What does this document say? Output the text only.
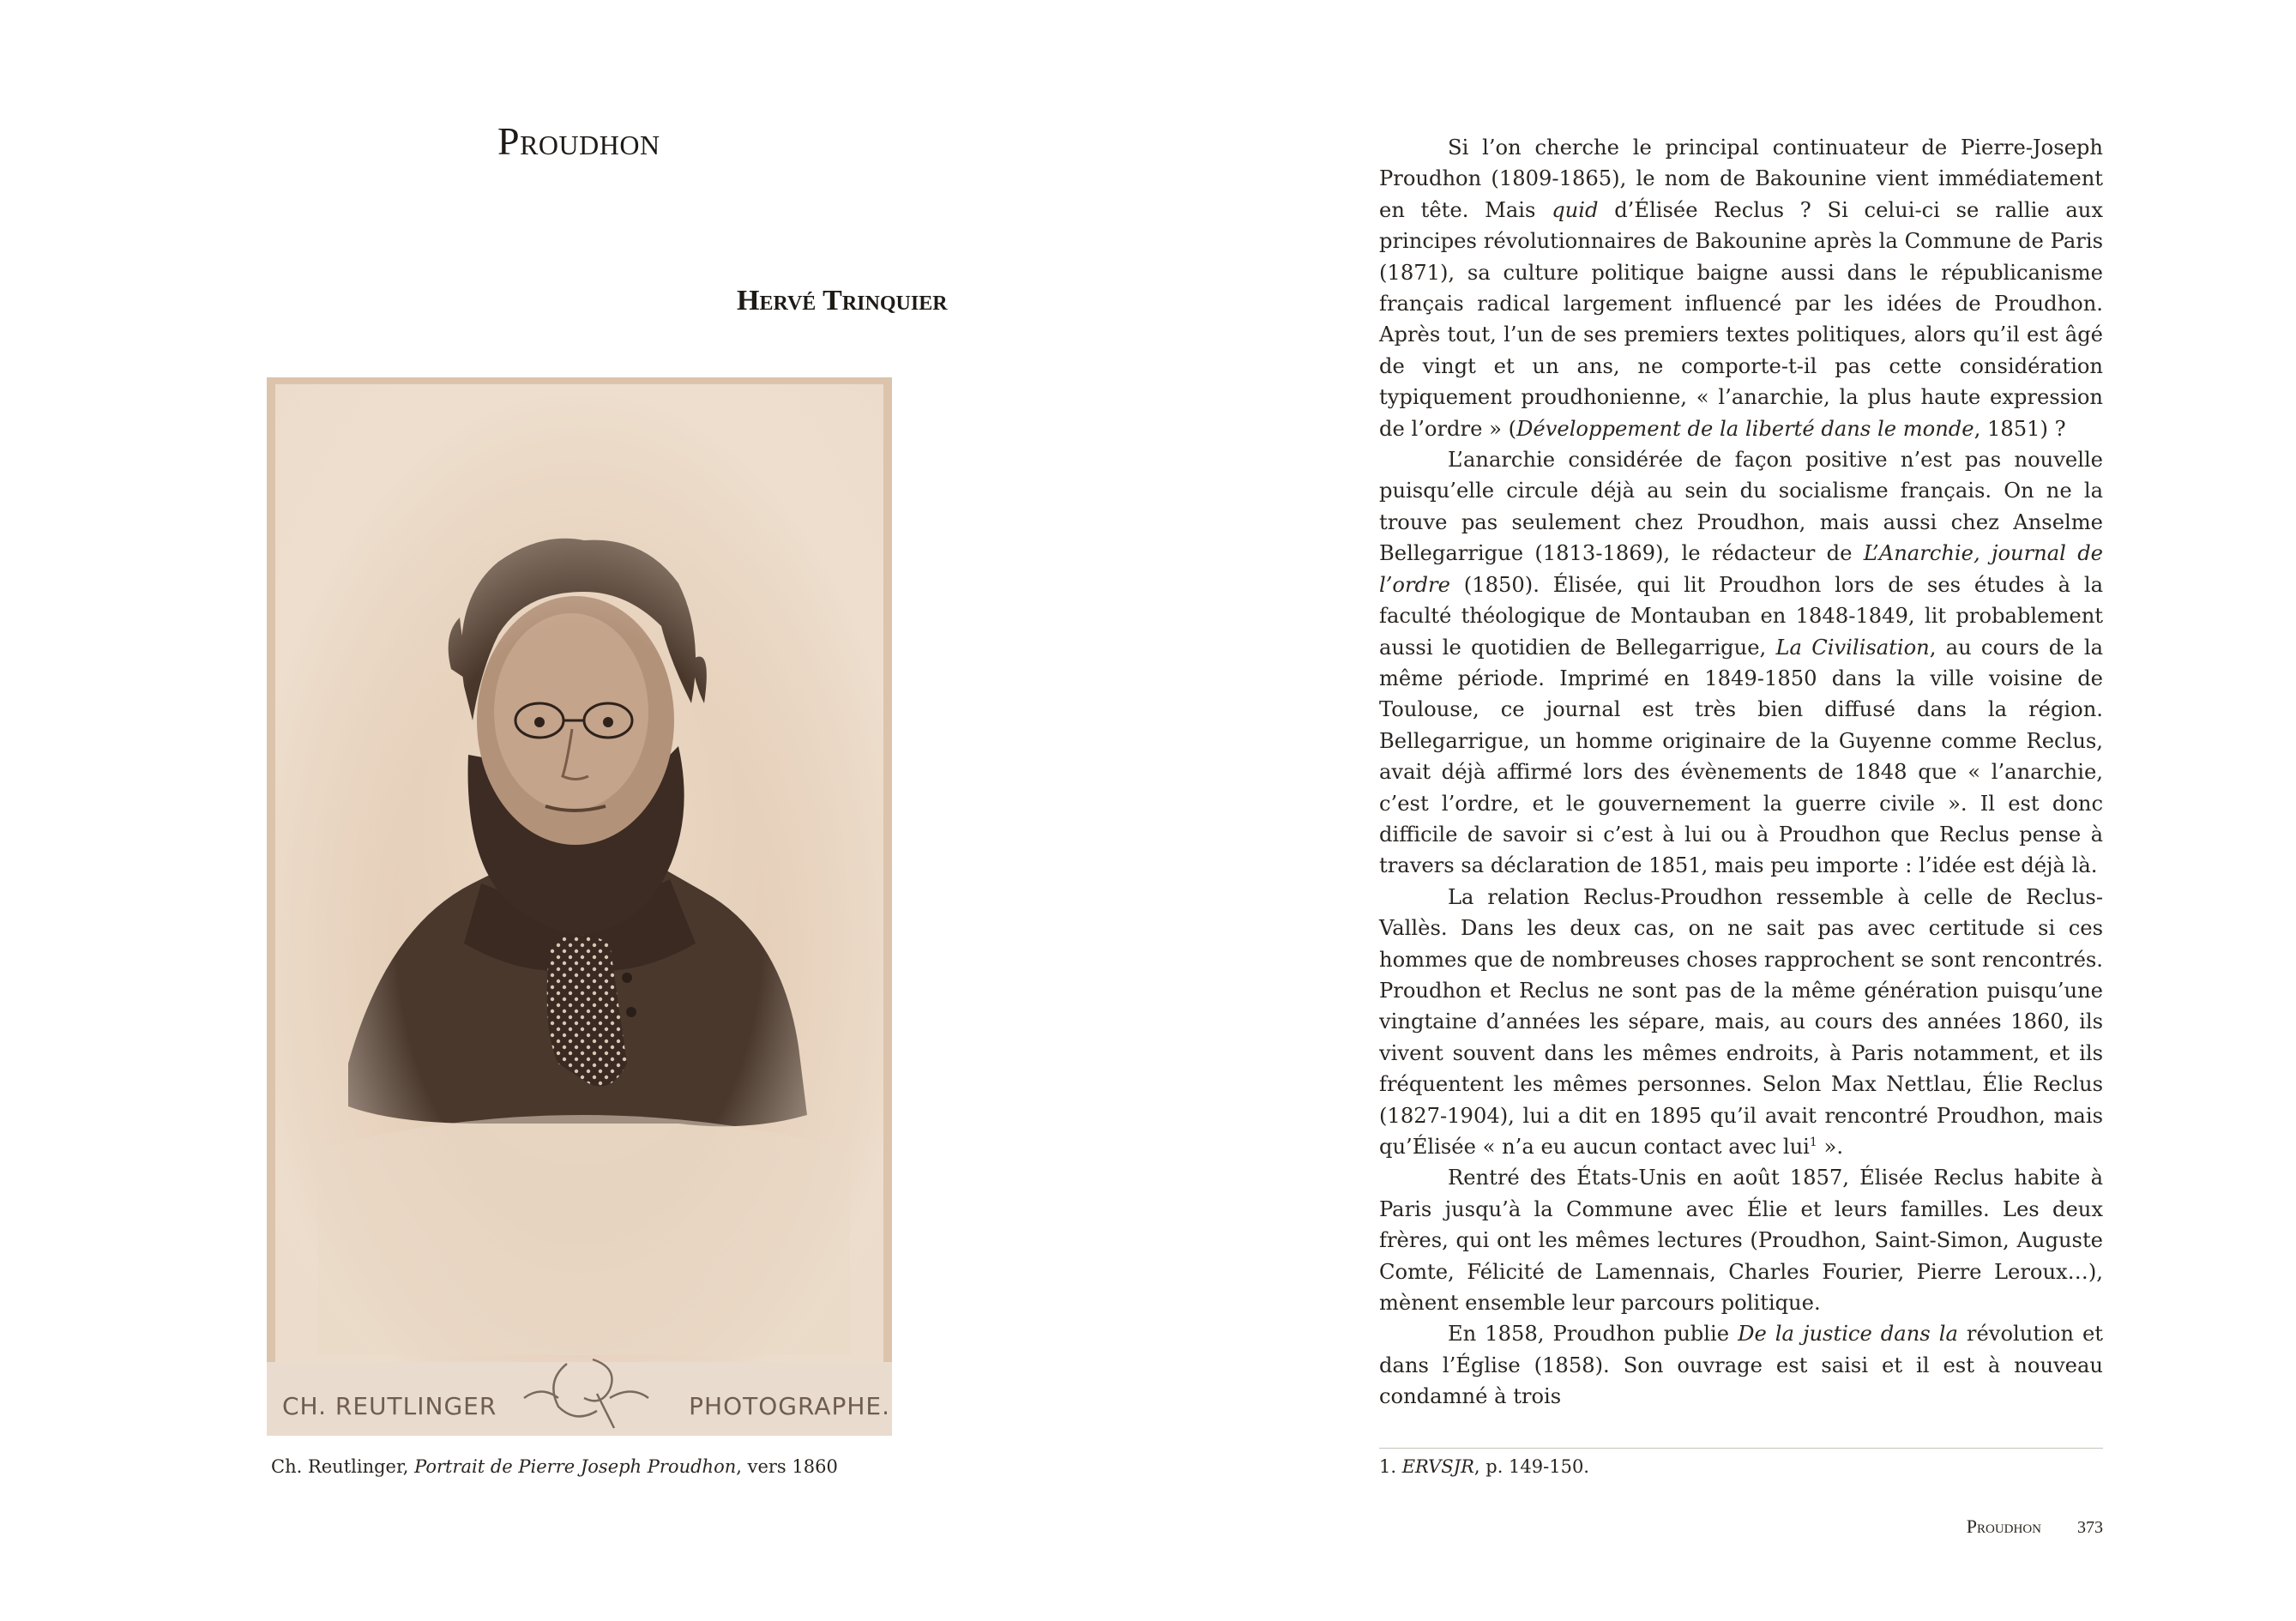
Proudhon
Hervé Trinquier
CH. REUTLINGER	PHOTOGRAPHE.

Ch. Reutlinger, Portrait de Pierre Joseph Proudhon, vers 1860

Si l’on cherche le principal continuateur de Pierre-Joseph Proudhon (1809-1865), le nom de Bakounine vient immédiatement en tête. Mais quid d’Élisée Reclus ? Si celui-ci se rallie aux principes révolutionnaires de Bakounine après la Commune de Paris (1871), sa culture politique baigne aussi dans le républicanisme français radical largement influencé par les idées de Proudhon. Après tout, l’un de ses premiers textes politiques, alors qu’il est âgé de vingt et un ans, ne comporte-t-il pas cette considération typiquement proudhonienne, « l’anarchie, la plus haute expression de l’ordre » (Développement de la liberté dans le monde, 1851) ?

L’anarchie considérée de façon positive n’est pas nouvelle puisqu’elle circule déjà au sein du socialisme français. On ne la trouve pas seulement chez Proudhon, mais aussi chez Anselme Bellegarrigue (1813-1869), le rédacteur de L’Anarchie, journal de l’ordre (1850). Élisée, qui lit Proudhon lors de ses études à la faculté théologique de Montauban en 1848-1849, lit probablement aussi le quotidien de Bellegarrigue, La Civilisation, au cours de la même période. Imprimé en 1849-1850 dans la ville voisine de Toulouse, ce journal est très bien diffusé dans la région. Bellegarrigue, un homme originaire de la Guyenne comme Reclus, avait déjà affirmé lors des évènements de 1848 que « l’anarchie, c’est l’ordre, et le gouvernement la guerre civile ». Il est donc difficile de savoir si c’est à lui ou à Proudhon que Reclus pense à travers sa déclaration de 1851, mais peu importe : l’idée est déjà là.

La relation Reclus-Proudhon ressemble à celle de Reclus-Vallès. Dans les deux cas, on ne sait pas avec certitude si ces hommes que de nombreuses choses rapprochent se sont rencontrés. Proudhon et Reclus ne sont pas de la même génération puisqu’une vingtaine d’années les sépare, mais, au cours des années 1860, ils vivent souvent dans les mêmes endroits, à Paris notamment, et ils fréquentent les mêmes personnes. Selon Max Nettlau, Élie Reclus (1827-1904), lui a dit en 1895 qu’il avait rencontré Proudhon, mais qu’Élisée « n’a eu aucun contact avec lui$^1$ ».

Rentré des États-Unis en août 1857, Élisée Reclus habite à Paris jusqu’à la Commune avec Élie et leurs familles. Les deux frères, qui ont les mêmes lectures (Proudhon, Saint-Simon, Auguste Comte, Félicité de Lamennais, Charles Fourier, Pierre Leroux…), mènent ensemble leur parcours politique.

En 1858, Proudhon publie De la justice dans la révolution et dans l’Église (1858). Son ouvrage est saisi et il est à nouveau condamné à trois

1. ERVSJR, p. 149-150.

Proudhon 373
